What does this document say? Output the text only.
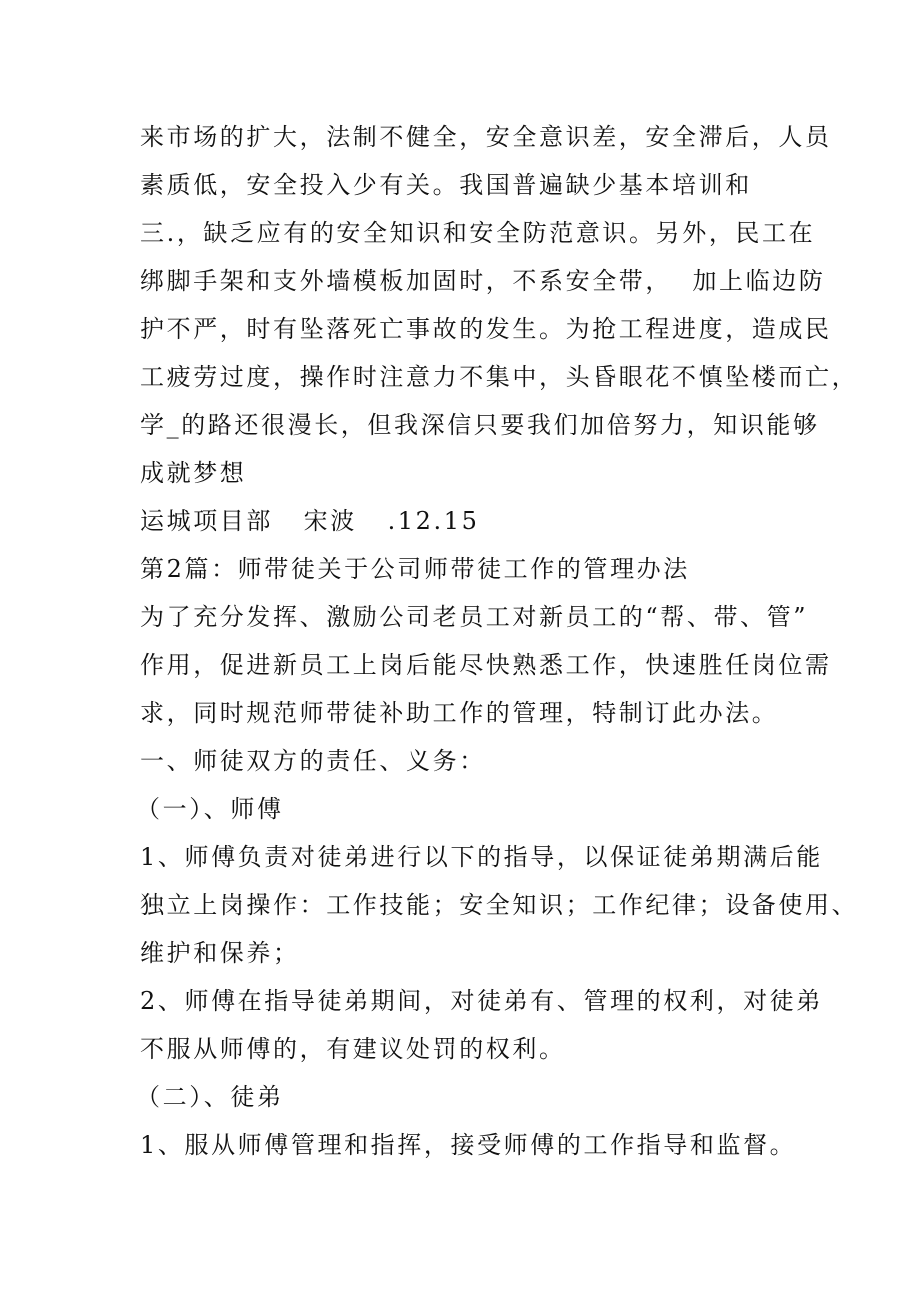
来市场的扩大，法制不健全，安全意识差，安全滞后，人员
素质低，安全投入少有关。我国普遍缺少基本培训和
三.，缺乏应有的安全知识和安全防范意识。另外，民工在
绑脚手架和支外墙模板加固时，不系安全带，  加上临边防
护不严，时有坠落死亡事故的发生。为抢工程进度，造成民
工疲劳过度，操作时注意力不集中，头昏眼花不慎坠楼而亡，
学_的路还很漫长，但我深信只要我们加倍努力，知识能够
成就梦想
运城项目部   宋波   .12.15
第2篇：师带徒关于公司师带徒工作的管理办法
为了充分发挥、激励公司老员工对新员工的“帮、带、管”
作用，促进新员工上岗后能尽快熟悉工作，快速胜任岗位需
求，同时规范师带徒补助工作的管理，特制订此办法。
一、师徒双方的责任、义务：
（一）、师傅
1、师傅负责对徒弟进行以下的指导，以保证徒弟期满后能
独立上岗操作：工作技能；安全知识；工作纪律；设备使用、
维护和保养；
2、师傅在指导徒弟期间，对徒弟有、管理的权利，对徒弟
不服从师傅的，有建议处罚的权利。
（二）、徒弟
1、服从师傅管理和指挥，接受师傅的工作指导和监督。
